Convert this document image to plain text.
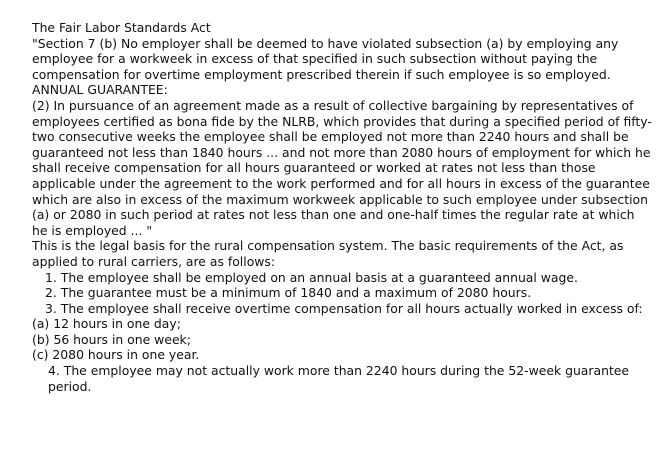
The Fair Labor Standards Act

"Section 7 (b) No employer shall be deemed to have violated subsection (a) by employing any employee for a workweek in excess of that specified in such subsection without paying the compensation for overtime employment prescribed therein if such employee is so employed.

ANNUAL GUARANTEE:

(2) In pursuance of an agreement made as a result of collective bargaining by representatives of employees certified as bona fide by the NLRB, which provides that during a specified period of fifty-two consecutive weeks the employee shall be employed not more than 2240 hours and shall be guaranteed not less than 1840 hours ... and not more than 2080 hours of employment for which he shall receive compensation for all hours guaranteed or worked at rates not less than those applicable under the agreement to the work performed and for all hours in excess of the guarantee which are also in excess of the maximum workweek applicable to such employee under subsection (a) or 2080 in such period at rates not less than one and one-half times the regular rate at which he is employed ... "

This is the legal basis for the rural compensation system. The basic requirements of the Act, as applied to rural carriers, are as follows:

1. The employee shall be employed on an annual basis at a guaranteed annual wage.

2. The guarantee must be a minimum of 1840 and a maximum of 2080 hours.

3. The employee shall receive overtime compensation for all hours actually worked in excess of:

(a) 12 hours in one day;

(b) 56 hours in one week;

(c) 2080 hours in one year.

4. The employee may not actually work more than 2240 hours during the 52-week guarantee period.
